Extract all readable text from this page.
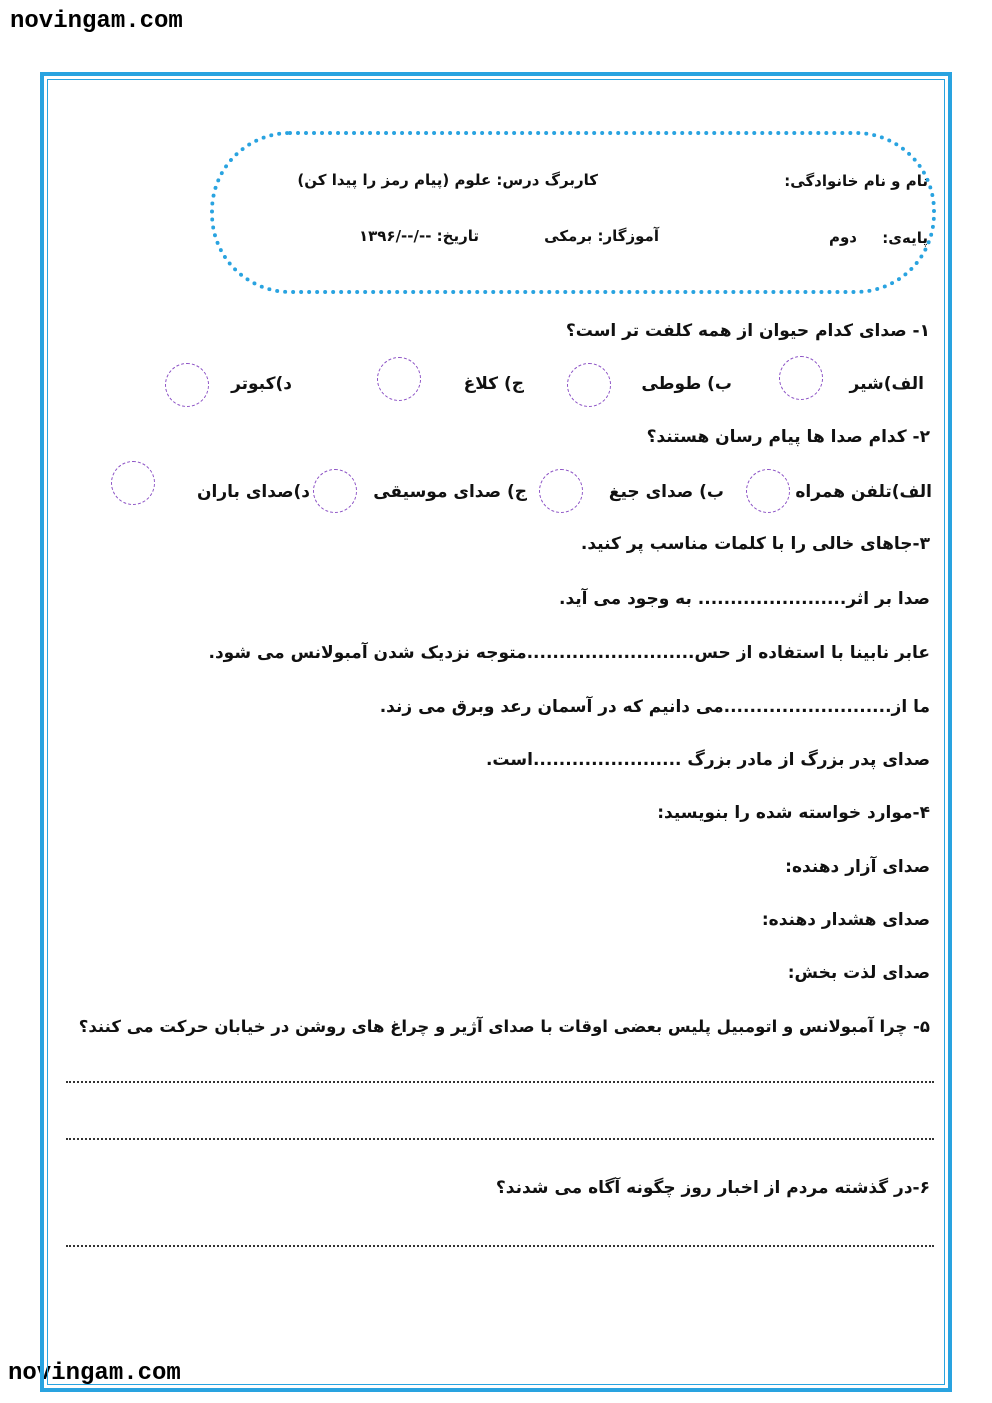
novingam.com
novingam.com
نام و نام خانوادگی:
کاربرگ درس: علوم (پیام رمز را پیدا کن)
پایه‌ی:
دوم
آموزگار: برمکی
تاریخ: --/--/۱۳۹۶
۱- صدای کدام حیوان از همه کلفت تر است؟
الف)شیر
ب) طوطی
ج) کلاغ
د)کبوتر
۲- کدام صدا ها پیام رسان هستند؟
الف)تلفن همراه
ب) صدای جیغ
ج) صدای موسیقی
د)صدای باران
۳-جاهای خالی را با کلمات مناسب پر کنید.
صدا بر اثر....................... به وجود می آید.
عابر نابینا با استفاده از حس..........................متوجه نزدیک شدن آمبولانس می شود.
ما از..........................می دانیم که در آسمان رعد وبرق می زند.
صدای پدر بزرگ از مادر بزرگ .......................است.
۴-موارد خواسته شده را بنویسید:
صدای آزار دهنده:
صدای هشدار دهنده:
صدای لذت بخش:
۵- چرا آمبولانس و اتومبیل پلیس بعضی اوقات با صدای آژیر و چراغ های روشن در خیابان حرکت می کنند؟
۶-در گذشته مردم از اخبار روز چگونه آگاه می شدند؟
